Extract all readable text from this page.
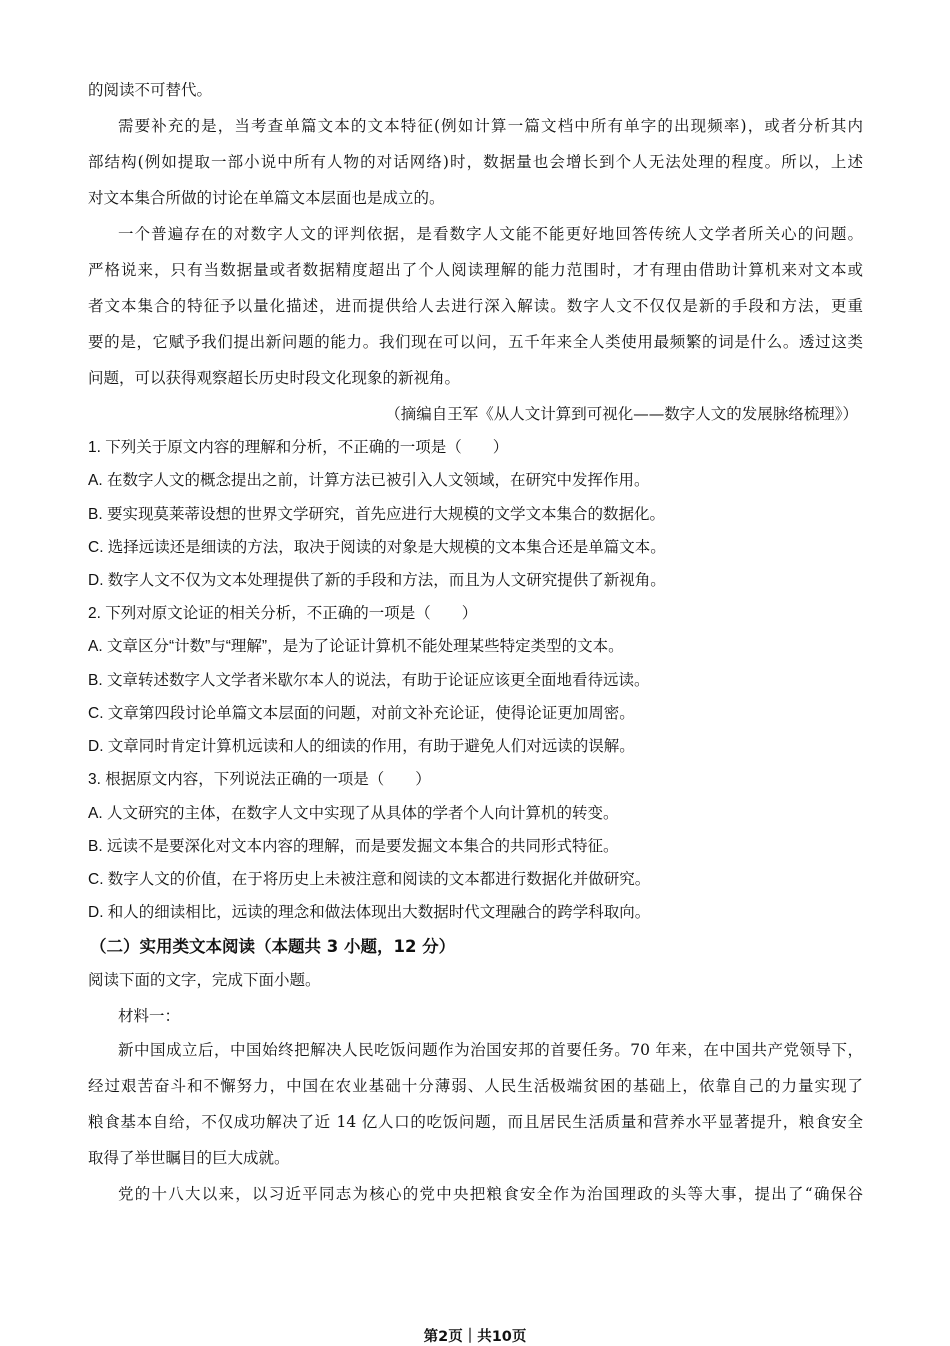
的阅读不可替代。
需要补充的是，当考查单篇文本的文本特征(例如计算一篇文档中所有单字的出现频率)，或者分析其内
部结构(例如提取一部小说中所有人物的对话网络)时，数据量也会增长到个人无法处理的程度。所以，上述
对文本集合所做的讨论在单篇文本层面也是成立的。
一个普遍存在的对数字人文的评判依据，是看数字人文能不能更好地回答传统人文学者所关心的问题。
严格说来，只有当数据量或者数据精度超出了个人阅读理解的能力范围时，才有理由借助计算机来对文本或
者文本集合的特征予以量化描述，进而提供给人去进行深入解读。数字人文不仅仅是新的手段和方法，更重
要的是，它赋予我们提出新问题的能力。我们现在可以问，五千年来全人类使用最频繁的词是什么。透过这类
问题，可以获得观察超长历史时段文化现象的新视角。
（摘编自王军《从人文计算到可视化——数字人文的发展脉络梳理》）
1. 下列关于原文内容的理解和分析，不正确的一项是（　　）
A. 在数字人文的概念提出之前，计算方法已被引入人文领域，在研究中发挥作用。
B. 要实现莫莱蒂设想的世界文学研究，首先应进行大规模的文学文本集合的数据化。
C. 选择远读还是细读的方法，取决于阅读的对象是大规模的文本集合还是单篇文本。
D. 数字人文不仅为文本处理提供了新的手段和方法，而且为人文研究提供了新视角。
2. 下列对原文论证的相关分析，不正确的一项是（　　）
A. 文章区分“计数”与“理解”，是为了论证计算机不能处理某些特定类型的文本。
B. 文章转述数字人文学者米歇尔本人的说法，有助于论证应该更全面地看待远读。
C. 文章第四段讨论单篇文本层面的问题，对前文补充论证，使得论证更加周密。
D. 文章同时肯定计算机远读和人的细读的作用，有助于避免人们对远读的误解。
3. 根据原文内容，下列说法正确的一项是（　　）
A. 人文研究的主体，在数字人文中实现了从具体的学者个人向计算机的转变。
B. 远读不是要深化对文本内容的理解，而是要发掘文本集合的共同形式特征。
C. 数字人文的价值，在于将历史上未被注意和阅读的文本都进行数据化并做研究。
D. 和人的细读相比，远读的理念和做法体现出大数据时代文理融合的跨学科取向。
（二）实用类文本阅读（本题共 3 小题，12 分）
阅读下面的文字，完成下面小题。
材料一：
新中国成立后，中国始终把解决人民吃饭问题作为治国安邦的首要任务。70 年来，在中国共产党领导下，
经过艰苦奋斗和不懈努力，中国在农业基础十分薄弱、人民生活极端贫困的基础上，依靠自己的力量实现了
粮食基本自给，不仅成功解决了近 14 亿人口的吃饭问题，而且居民生活质量和营养水平显著提升，粮食安全
取得了举世瞩目的巨大成就。
党的十八大以来，以习近平同志为核心的党中央把粮食安全作为治国理政的头等大事，提出了“确保谷
第2页｜共10页
